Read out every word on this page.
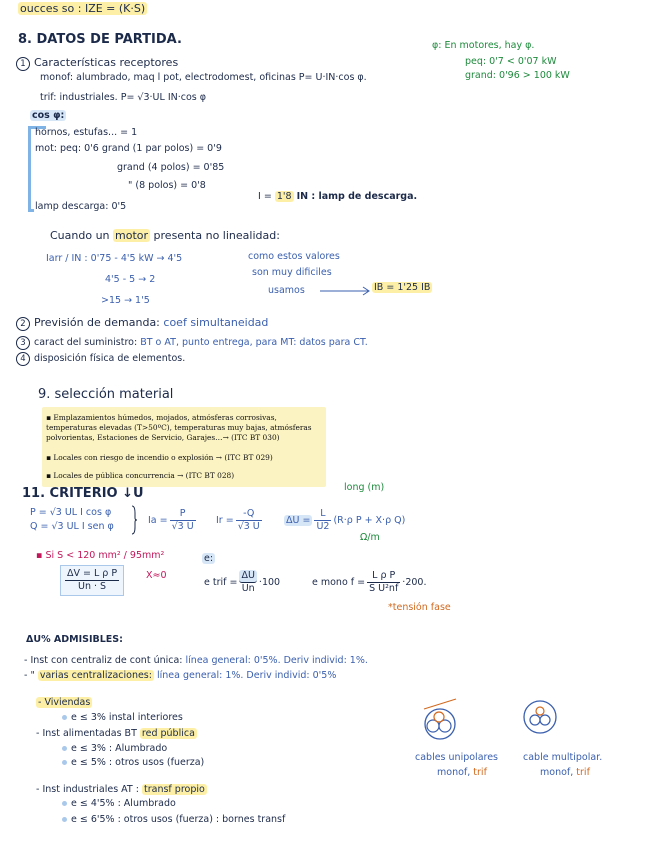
oucces so : IZE = (K·S)
8. DATOS DE PARTIDA.
1 Características receptores
monof: alumbrado, maq l pot, electrodomest, oficinas P= U·IN·cos φ.
trif: industriales. P= √3·UL IN·cos φ
cos φ:
hornos, estufas... = 1
mot: peq: 0'6 grand (1 par polos) = 0'9
grand (4 polos) = 0'85
" (8 polos) = 0'8
lamp descarga: 0'5
I = 1'8 IN : lamp de descarga.
φ: En motores, hay φ.
peq: 0'7 < 0'07 kW
grand: 0'96 > 100 kW
Cuando un motor presenta no linealidad:
Iarr / IN : 0'75 - 4'5 kW → 4'5
4'5 - 5 → 2
>15 → 1'5
como estos valores
son muy dificiles
usamos	IB = 1'25 IB
2 Previsión de demanda: coef simultaneidad
3 caract del suministro: BT o AT, punto entrega, para MT: datos para CT.
4 disposición física de elementos.
9. selección material
▪ Emplazamientos húmedos, mojados, atmósferas corrosivas, temperaturas elevadas (T>50ºC), temperaturas muy bajas, atmósferas polvorientas, Estaciones de Servicio, Garajes…→ (ITC BT 030)
▪ Locales con riesgo de incendio o explosión → (ITC BT 029)
▪ Locales de pública concurrencia → (ITC BT 028)
11. CRITERIO ↓U
P = √3 UL I cos φ
Q = √3 UL I sen φ
$Ia = \frac{P}{√3 U}$ $Ir = \frac{-Q}{√3 U}$	$\Delta U = \frac{L}{U2} (R\cdot\rho$ P + X·ρ Q)
long (m)
Ω/m
▪ Si S < 120 mm² / 95mm²
$\frac{\text{ΔV = L ρ P}}{Un \cdot S} X\approx 0$
e:
e trif = $\frac{\Delta U}{Un} \cdot 100$	e mono $f = \frac{\text{L ρ P}}{\text{S U²nf}} \cdot 200$.
*tensión fase
ΔU% ADMISIBLES:
- Inst con centraliz de cont única: línea general: 0'5%. Deriv individ: 1%.
- " varias centralizaciones: línea general: 1%. Deriv individ: 0'5%
- Viviendas
e ≤ 3% instal interiores
- Inst alimentadas BT red pública
e ≤ 3% : Alumbrado
e ≤ 5% : otros usos (fuerza)
- Inst industriales AT : transf propio
e ≤ 4'5% : Alumbrado
e ≤ 6'5% : otros usos (fuerza) : bornes transf
cables unipolares
monof, trif
cable multipolar.
monof, trif
